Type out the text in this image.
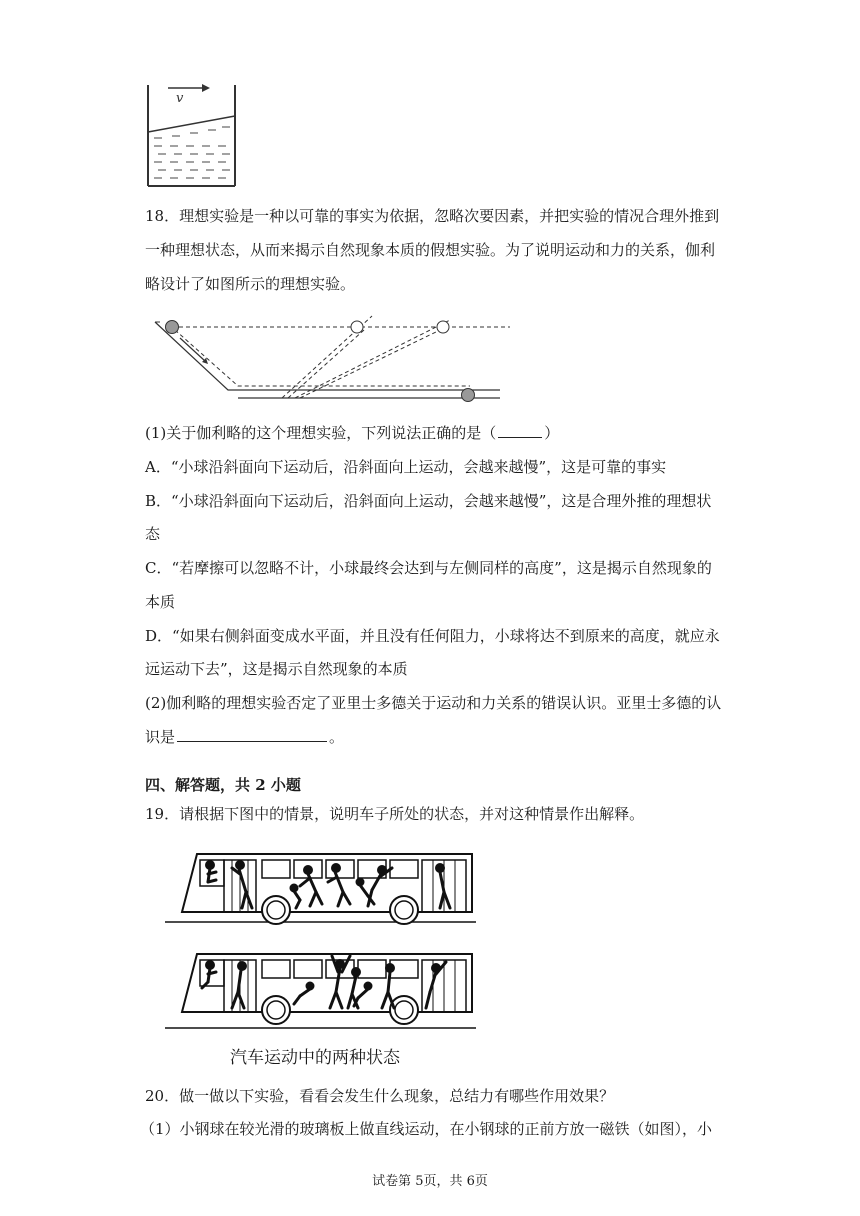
v
18．理想实验是一种以可靠的事实为依据，忽略次要因素，并把实验的情况合理外推到
一种理想状态，从而来揭示自然现象本质的假想实验。为了说明运动和力的关系，伽利
略设计了如图所示的理想实验。
(1)关于伽利略的这个理想实验，下列说法正确的是（	）
A．“小球沿斜面向下运动后，沿斜面向上运动，会越来越慢”，这是可靠的事实
B．“小球沿斜面向下运动后，沿斜面向上运动，会越来越慢”，这是合理外推的理想状
态
C．“若摩擦可以忽略不计，小球最终会达到与左侧同样的高度”，这是揭示自然现象的
本质
D．“如果右侧斜面变成水平面，并且没有任何阻力，小球将达不到原来的高度，就应永
远运动下去”，这是揭示自然现象的本质
(2)伽利略的理想实验否定了亚里士多德关于运动和力关系的错误认识。亚里士多德的认
识是	。
四、解答题，共 2 小题
19．请根据下图中的情景，说明车子所处的状态，并对这种情景作出解释。
汽车运动中的两种状态
20．做一做以下实验，看看会发生什么现象，总结力有哪些作用效果？
（1）小钢球在较光滑的玻璃板上做直线运动，在小钢球的正前方放一磁铁（如图），小
试卷第 5页，共 6页
